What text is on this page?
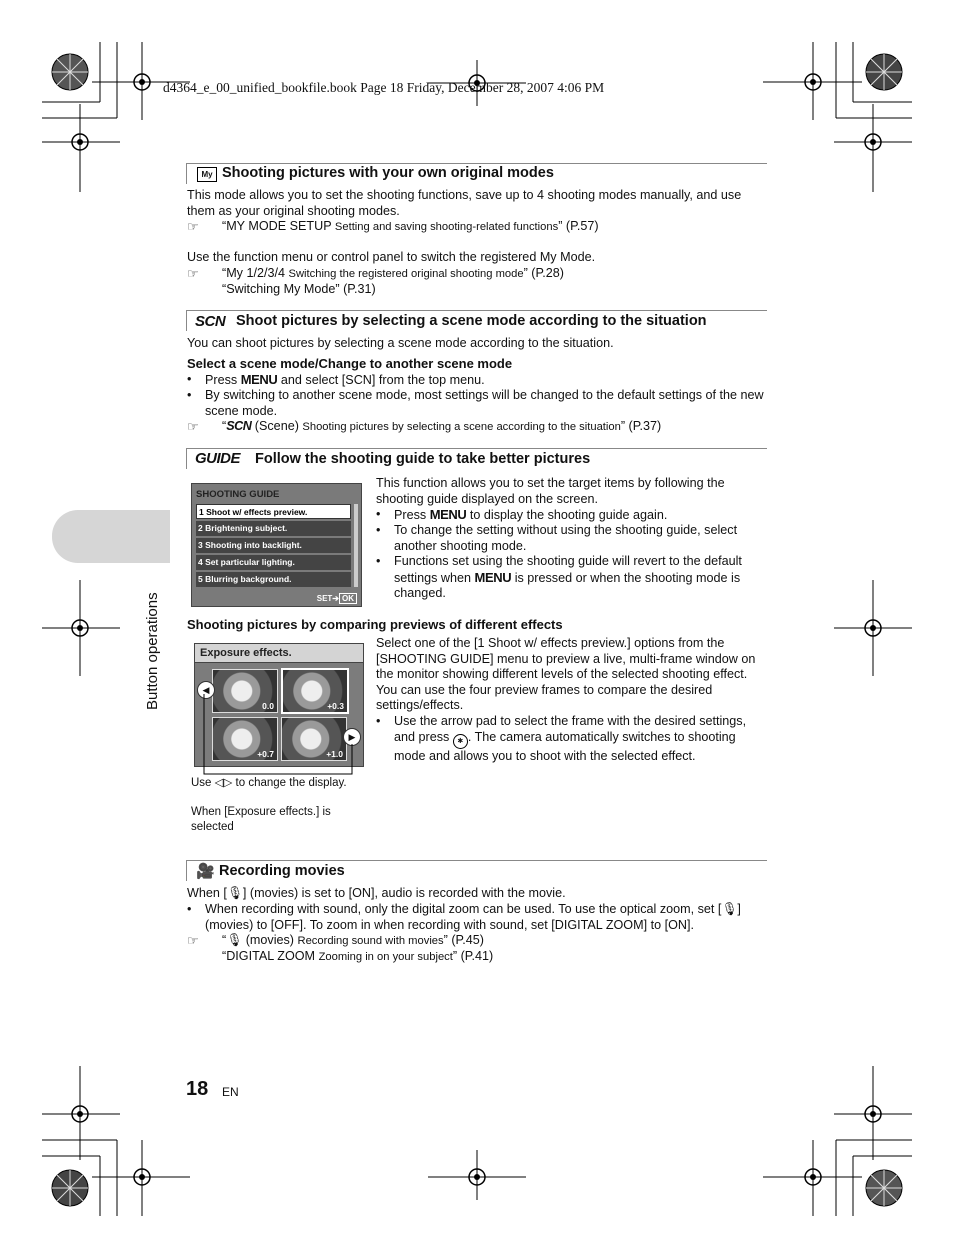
d4364_e_00_unified_bookfile.book Page 18 Friday, December 28, 2007 4:06 PM
Button operations
My Shooting pictures with your own original modes
This mode allows you to set the shooting functions, save up to 4 shooting modes manually, and use them as your original shooting modes.
☞ “MY MODE SETUP Setting and saving shooting-related functions” (P.57)
Use the function menu or control panel to switch the registered My Mode.
☞ “My 1/2/3/4 Switching the registered original shooting mode” (P.28)
“Switching My Mode” (P.31)
SCN Shoot pictures by selecting a scene mode according to the situation
You can shoot pictures by selecting a scene mode according to the situation.
Select a scene mode/Change to another scene mode
• Press MENU and select [SCN] from the top menu.
• By switching to another scene mode, most settings will be changed to the default settings of the new scene mode.
☞ “SCN (Scene) Shooting pictures by selecting a scene according to the situation” (P.37)
GUIDE Follow the shooting guide to take better pictures
SHOOTING GUIDE
1 Shoot w/ effects preview.
2 Brightening subject.
3 Shooting into backlight.
4 Set particular lighting.
5 Blurring background.
SET➔ OK
This function allows you to set the target items by following the shooting guide displayed on the screen.
• Press MENU to display the shooting guide again.
• To change the setting without using the shooting guide, select another shooting mode.
• Functions set using the shooting guide will revert to the default settings when MENU is pressed or when the shooting mode is changed.
Shooting pictures by comparing previews of different effects
Exposure effects.
0.0	+0.3
+0.7	+1.0
◀
▶
Use ◁▷ to change the display.
When [Exposure effects.] is selected
Select one of the [1 Shoot w/ effects preview.] options from the [SHOOTING GUIDE] menu to preview a live, multi-frame window on the monitor showing different levels of the selected shooting effect. You can use the four preview frames to compare the desired settings/effects.
• Use the arrow pad to select the frame with the desired settings, and press ✱ . The camera automatically switches to shooting mode and allows you to shoot with the selected effect.
🎥 Recording movies
When [🎙] (movies) is set to [ON], audio is recorded with the movie.
• When recording with sound, only the digital zoom can be used. To use the optical zoom, set [🎙] (movies) to [OFF]. To zoom in when recording with sound, set [DIGITAL ZOOM] to [ON].
☞ “🎙 (movies) Recording sound with movies” (P.45)
“DIGITAL ZOOM Zooming in on your subject” (P.41)
18 EN
